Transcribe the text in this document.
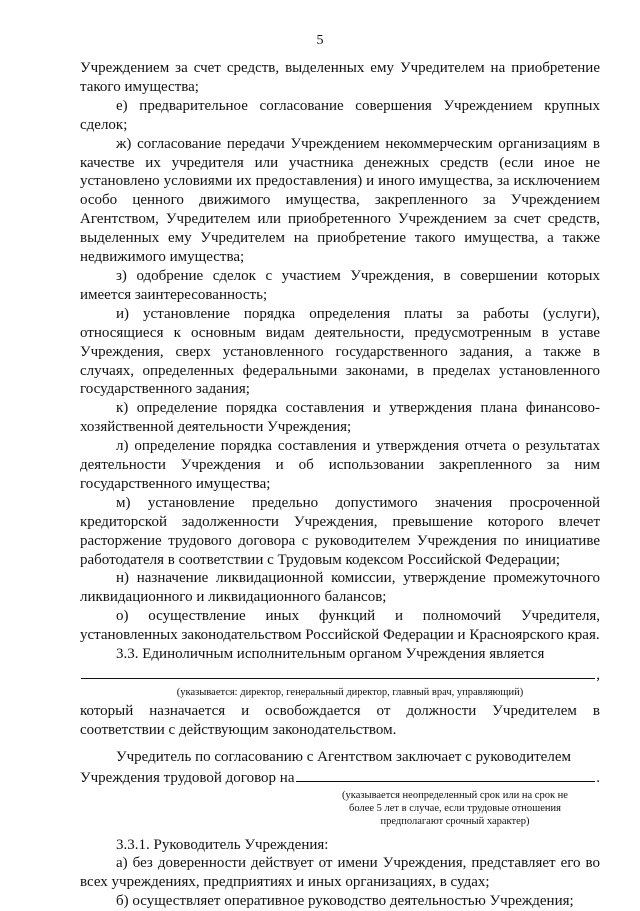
5

Учреждением за счет средств, выделенных ему Учредителем на приобретение такого имущества;

е) предварительное согласование совершения Учреждением крупных сделок;

ж) согласование передачи Учреждением некоммерческим организациям в качестве их учредителя или участника денежных средств (если иное не установлено условиями их предоставления) и иного имущества, за исключением особо ценного движимого имущества, закрепленного за Учреждением Агентством, Учредителем или приобретенного Учреждением за счет средств, выделенных ему Учредителем на приобретение такого имущества, а также недвижимого имущества;

з) одобрение сделок с участием Учреждения, в совершении которых имеется заинтересованность;

и) установление порядка определения платы за работы (услуги), относящиеся к основным видам деятельности, предусмотренным в уставе Учреждения, сверх установленного государственного задания, а также в случаях, определенных федеральными законами, в пределах установленного государственного задания;

к) определение порядка составления и утверждения плана финансово-хозяйственной деятельности Учреждения;

л) определение порядка составления и утверждения отчета о результатах деятельности Учреждения и об использовании закрепленного за ним государственного имущества;

м) установление предельно допустимого значения просроченной кредиторской задолженности Учреждения, превышение которого влечет расторжение трудового договора с руководителем Учреждения по инициативе работодателя в соответствии с Трудовым кодексом Российской Федерации;

н) назначение ликвидационной комиссии, утверждение промежуточного ликвидационного и ликвидационного балансов;

о) осуществление иных функций и полномочий Учредителя, установленных законодательством Российской Федерации и Красноярского края.

3.3. Единоличным исполнительным органом Учреждения является

,
(указывается: директор, генеральный директор, главный врач, управляющий)

который назначается и освобождается от должности Учредителем в соответствии с действующим законодательством.

Учредитель по согласованию с Агентством заключает с руководителем

Учреждения трудовой договор на	.
(указывается неопределенный срок или на срок не более 5 лет в случае, если трудовые отношения предполагают срочный характер)

3.3.1. Руководитель Учреждения:

а) без доверенности действует от имени Учреждения, представляет его во всех учреждениях, предприятиях и иных организациях, в судах;

б) осуществляет оперативное руководство деятельностью Учреждения;
